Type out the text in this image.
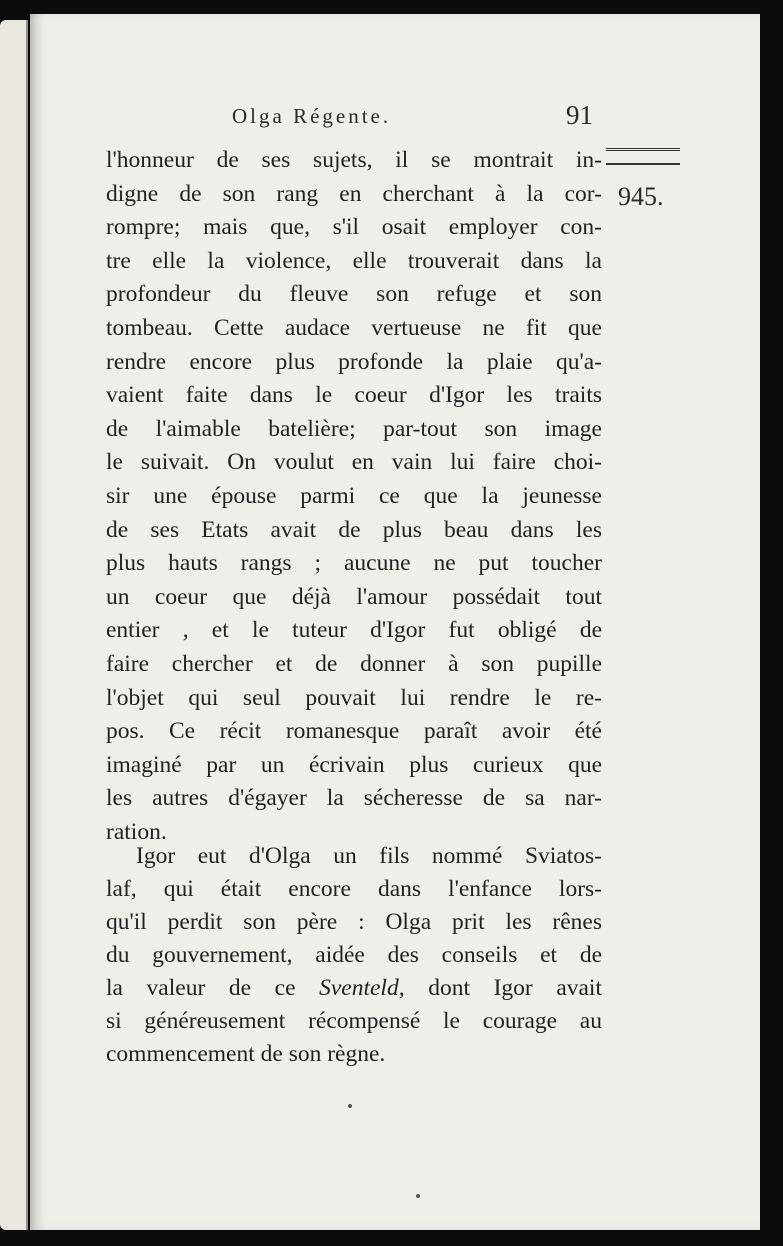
Olga Régente.	91
945.
l'honneur de ses sujets, il se montrait in-
digne de son rang en cherchant à la cor-
rompre; mais que, s'il osait employer con-
tre elle la violence, elle trouverait dans la
profondeur du fleuve son refuge et son
tombeau. Cette audace vertueuse ne fit que
rendre encore plus profonde la plaie qu'a-
vaient faite dans le coeur d'Igor les traits
de l'aimable batelière; par-tout son image
le suivait. On voulut en vain lui faire choi-
sir une épouse parmi ce que la jeunesse
de ses Etats avait de plus beau dans les
plus hauts rangs ; aucune ne put toucher
un coeur que déjà l'amour possédait tout
entier , et le tuteur d'Igor fut obligé de
faire chercher et de donner à son pupille
l'objet qui seul pouvait lui rendre le re-
pos. Ce récit romanesque paraît avoir été
imaginé par un écrivain plus curieux que
les autres d'égayer la sécheresse de sa nar-
ration.
Igor eut d'Olga un fils nommé Sviatos-
laf, qui était encore dans l'enfance lors-
qu'il perdit son père : Olga prit les rênes
du gouvernement, aidée des conseils et de
la valeur de ce Sventeld, dont Igor avait
si généreusement récompensé le courage au
commencement de son règne.
